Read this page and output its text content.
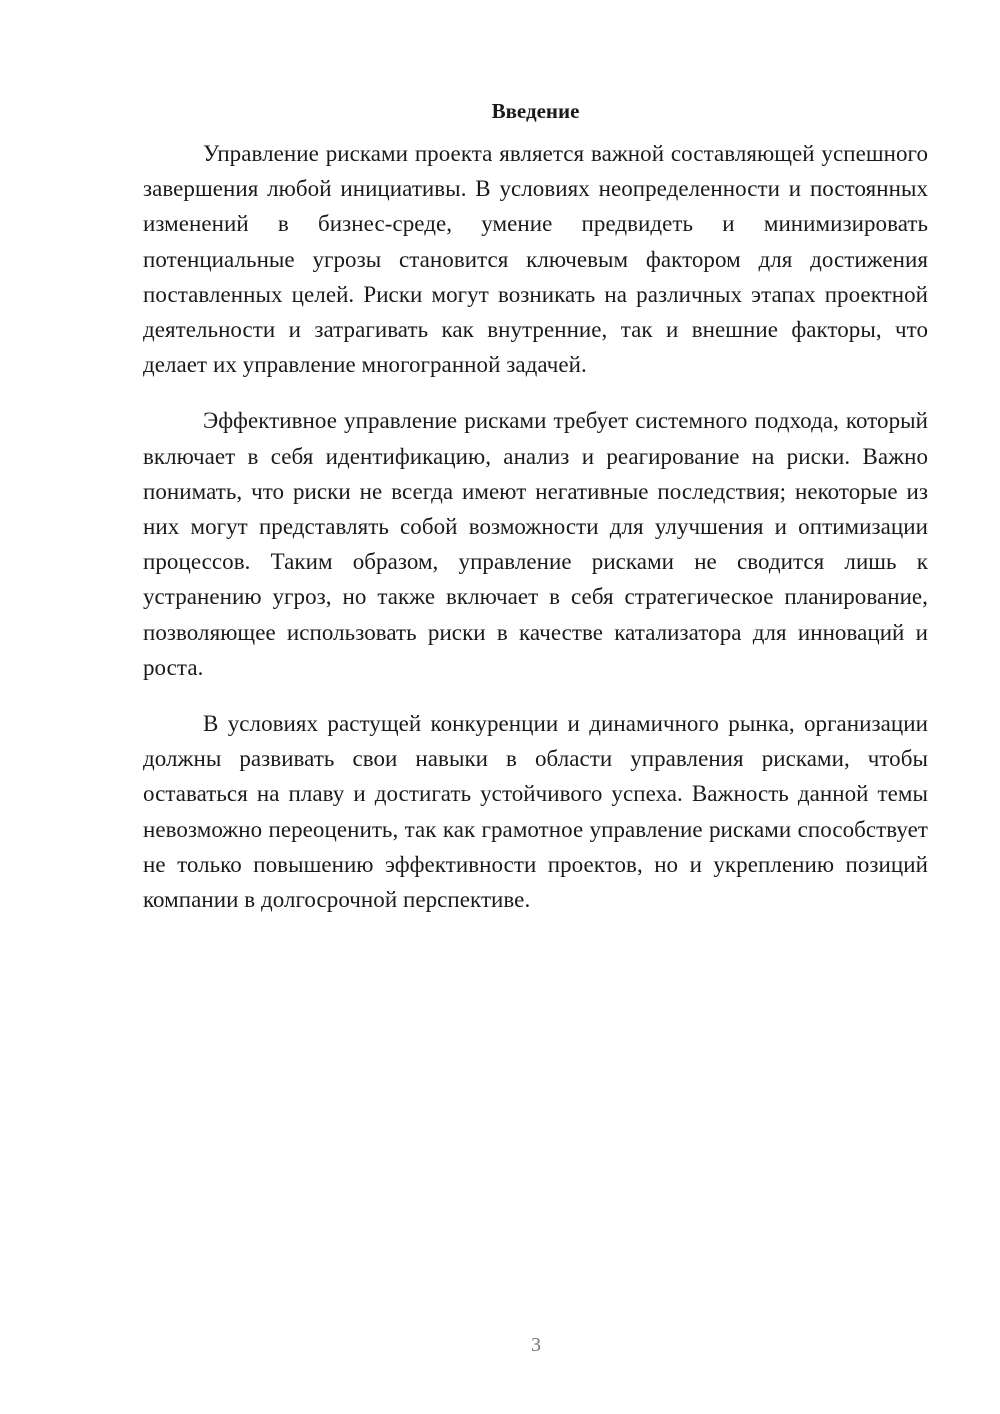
Введение

Управление рисками проекта является важной составляющей успешного завершения любой инициативы. В условиях неопределенности и постоянных изменений в бизнес-среде, умение предвидеть и минимизировать потенциальные угрозы становится ключевым фактором для достижения поставленных целей. Риски могут возникать на различных этапах проектной деятельности и затрагивать как внутренние, так и внешние факторы, что делает их управление многогранной задачей.

Эффективное управление рисками требует системного подхода, который включает в себя идентификацию, анализ и реагирование на риски. Важно понимать, что риски не всегда имеют негативные последствия; некоторые из них могут представлять собой возможности для улучшения и оптимизации процессов. Таким образом, управление рисками не сводится лишь к устранению угроз, но также включает в себя стратегическое планирование, позволяющее использовать риски в качестве катализатора для инноваций и роста.

В условиях растущей конкуренции и динамичного рынка, организации должны развивать свои навыки в области управления рисками, чтобы оставаться на плаву и достигать устойчивого успеха. Важность данной темы невозможно переоценить, так как грамотное управление рисками способствует не только повышению эффективности проектов, но и укреплению позиций компании в долгосрочной перспективе.

3
